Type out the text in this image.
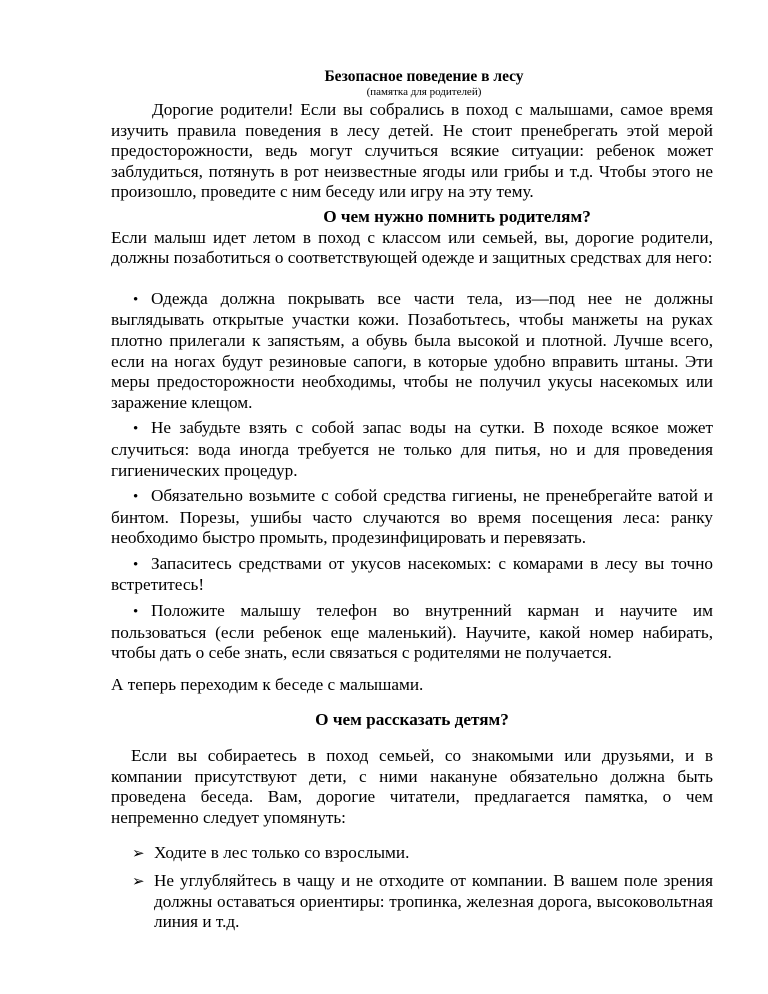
Безопасное поведение в лесу
(памятка для родителей)

Дорогие родители! Если вы собрались в поход с малышами, самое время изучить правила поведения в лесу детей. Не стоит пренебрегать этой мерой предосторожности, ведь могут случиться всякие ситуации: ребенок может заблудиться, потянуть в рот неизвестные ягоды или грибы и т.д. Чтобы этого не произошло, проведите с ним беседу или игру на эту тему.

О чем нужно помнить родителям?

Если малыш идет летом в поход с классом или семьей, вы, дорогие родители, должны позаботиться о соответствующей одежде и защитных средствах для него:

• Одежда должна покрывать все части тела, из—под нее не должны выглядывать открытые участки кожи. Позаботьтесь, чтобы манжеты на руках плотно прилегали к запястьям, а обувь была высокой и плотной. Лучше всего, если на ногах будут резиновые сапоги, в которые удобно вправить штаны. Эти меры предосторожности необходимы, чтобы не получил укусы насекомых или заражение клещом.

• Не забудьте взять с собой запас воды на сутки. В походе всякое может случиться: вода иногда требуется не только для питья, но и для проведения гигиенических процедур.

• Обязательно возьмите с собой средства гигиены, не пренебрегайте ватой и бинтом. Порезы, ушибы часто случаются во время посещения леса: ранку необходимо быстро промыть, продезинфицировать и перевязать.

• Запаситесь средствами от укусов насекомых: с комарами в лесу вы точно встретитесь!

• Положите малышу телефон во внутренний карман и научите им пользоваться (если ребенок еще маленький). Научите, какой номер набирать, чтобы дать о себе знать, если связаться с родителями не получается.

А теперь переходим к беседе с малышами.

О чем рассказать детям?

Если вы собираетесь в поход семьей, со знакомыми или друзьями, и в компании присутствуют дети, с ними накануне обязательно должна быть проведена беседа. Вам, дорогие читатели, предлагается памятка, о чем непременно следует упомянуть:

➢ Ходите в лес только со взрослыми.
➢ Не углубляйтесь в чащу и не отходите от компании. В вашем поле зрения должны оставаться ориентиры: тропинка, железная дорога, высоковольтная линия и т.д.
